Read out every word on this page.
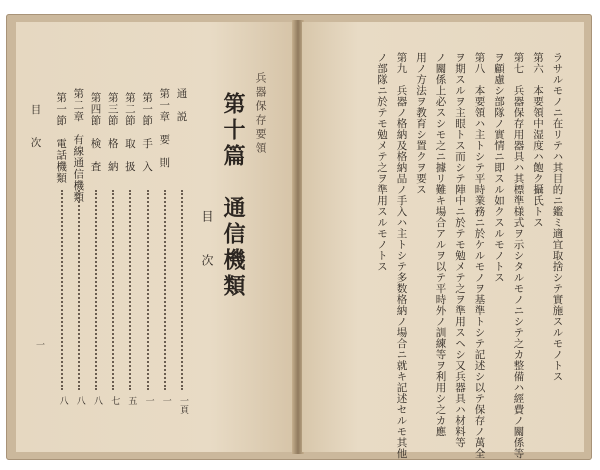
ラサルモノニ在リテハ其目的ニ鑑ミ適宜取捨シテ實施スルモノトス
第六　本要領中湿度ハ飽ク攝氏トス
第七　兵器保存用器具ハ其標準様式ヲ示シタルモノニシテ之カ整備ハ經費ノ關係等
ヲ顧慮シ部隊ノ實情ニ即スル如クスルモノトス
第八　本要領ハ主トシテ平時業務ニ於ケルモノヲ基準トシテ記述シ以テ保存ノ萬全
ヲ期スルヲ主眼トス而シテ陣中ニ於テモ勉メテ之ヲ準用スヘシ又兵器具ハ材料等
ノ關係上必スシモ之ニ據リ難キ場合アルヲ以テ平時外ノ訓練等ヲ利用シ之カ應
用ノ方法ヲ教育シ置クヲ要ス
第九　兵器ノ格納及格納品ノ手入ハ主トシテ多数格納ノ場合ニ就キ記述セルモ其他
ノ部隊ニ於テモ勉メテ之ヲ準用スルモノトス
兵器保存要領
第十篇　通信機類
目　次
通　説
一頁
第一章　要　則
一
第一節　手　入
一
第二節　取　扱
五
第三節　格　納
七
第四節　検　査
八
第二章　有線通信機類
八
第一節　電話機類
八
目　次
一
